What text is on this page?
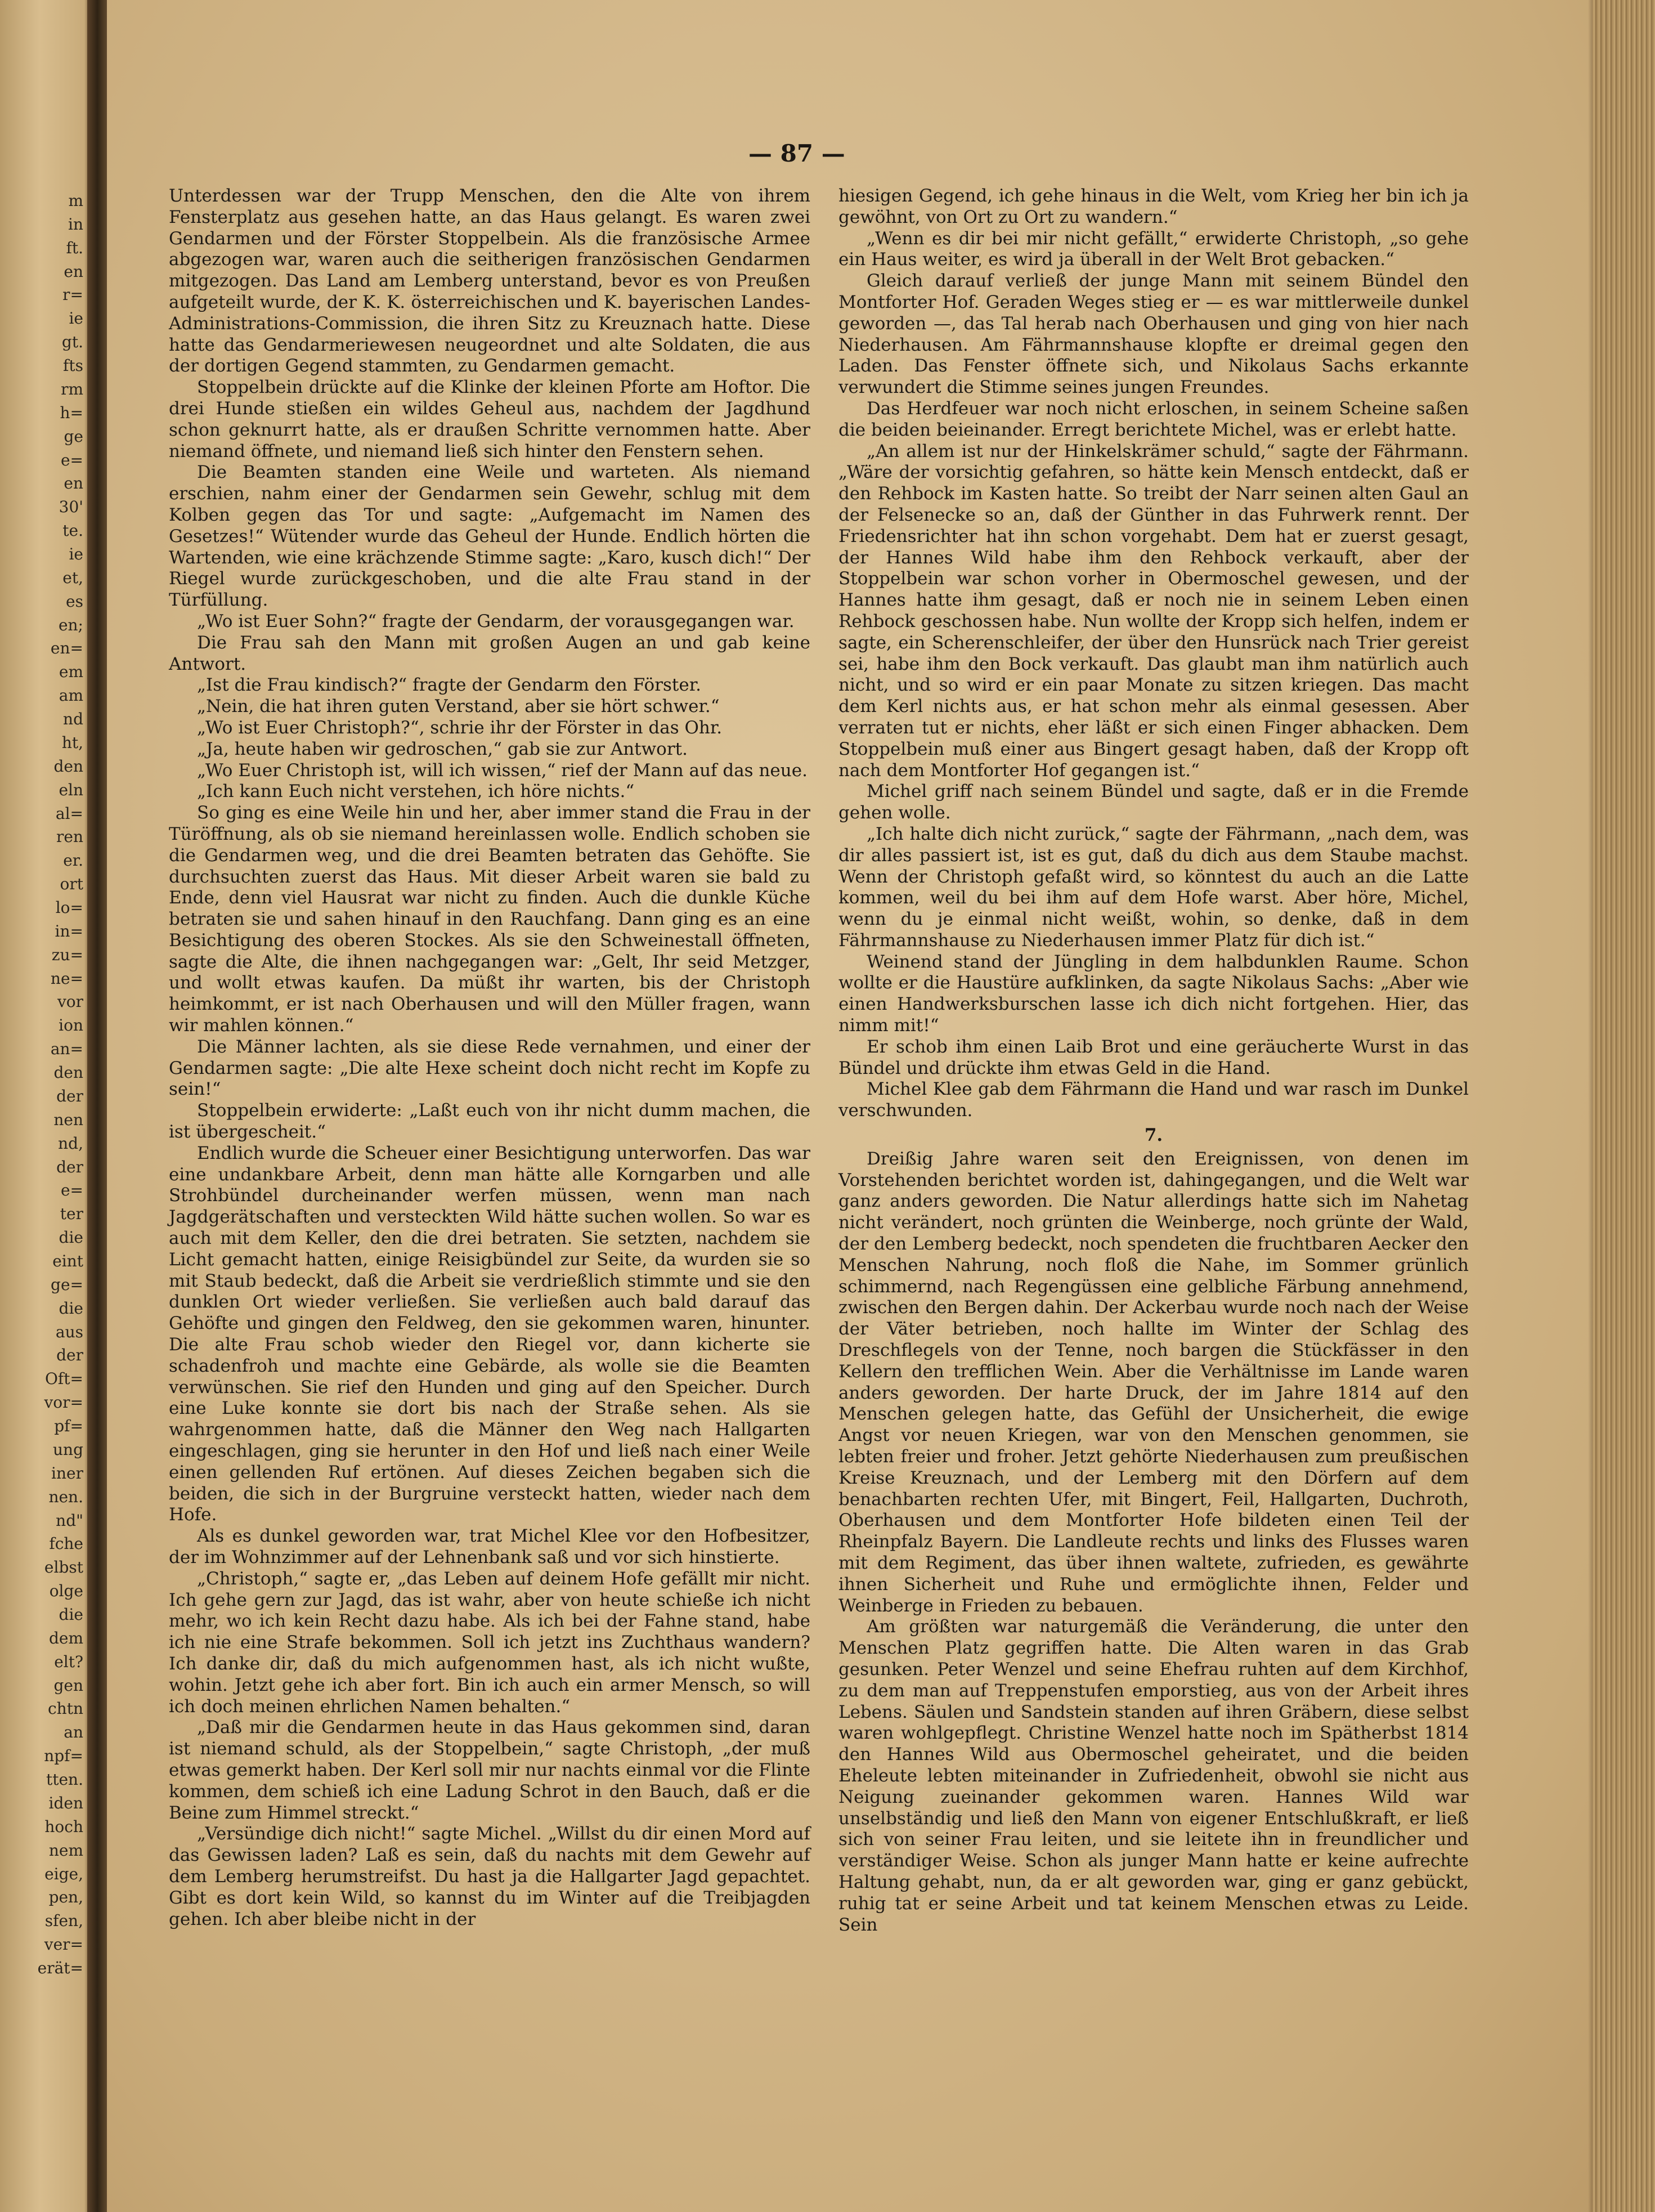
m
in
ft.
en
r=
ie
gt.
fts
rm
h=
ge
e=
en
30'
te.
ie
et,
es
en;
en=
em
am
nd
ht,
den
eln
al=
ren
er.
ort
lo=
in=
zu=
ne=
vor
ion
an=
den
der
nen
nd,
der
e=
ter
die
eint
ge=
die
aus
der
Oft=
vor=
pf=
ung
iner
nen.
nd"
fche
elbst
olge
die
dem
elt?
gen
chtn
an
npf=
tten.
iden
hoch
nem
eige,
pen,
sfen,
ver=
erät=
— 87 —

Unterdessen war der Trupp Menschen, den die Alte von ihrem Fensterplatz aus gesehen hatte, an das Haus gelangt. Es waren zwei Gendarmen und der Förster Stoppelbein. Als die französische Armee abgezogen war, waren auch die seitherigen französischen Gendarmen mitgezogen. Das Land am Lemberg unterstand, bevor es von Preußen aufgeteilt wurde, der K. K. österreichischen und K. bayerischen Landes-Administrations-Commission, die ihren Sitz zu Kreuznach hatte. Diese hatte das Gendarmeriewesen neugeordnet und alte Soldaten, die aus der dortigen Gegend stammten, zu Gendarmen gemacht.

Stoppelbein drückte auf die Klinke der kleinen Pforte am Hoftor. Die drei Hunde stießen ein wildes Geheul aus, nachdem der Jagdhund schon geknurrt hatte, als er draußen Schritte vernommen hatte. Aber niemand öffnete, und niemand ließ sich hinter den Fenstern sehen.

Die Beamten standen eine Weile und warteten. Als niemand erschien, nahm einer der Gendarmen sein Gewehr, schlug mit dem Kolben gegen das Tor und sagte: „Aufgemacht im Namen des Gesetzes!“ Wütender wurde das Geheul der Hunde. Endlich hörten die Wartenden, wie eine krächzende Stimme sagte: „Karo, kusch dich!“ Der Riegel wurde zurückgeschoben, und die alte Frau stand in der Türfüllung.

„Wo ist Euer Sohn?“ fragte der Gendarm, der vorausgegangen war.

Die Frau sah den Mann mit großen Augen an und gab keine Antwort.

„Ist die Frau kindisch?“ fragte der Gendarm den Förster.

„Nein, die hat ihren guten Verstand, aber sie hört schwer.“

„Wo ist Euer Christoph?“, schrie ihr der Förster in das Ohr.

„Ja, heute haben wir gedroschen,“ gab sie zur Antwort.

„Wo Euer Christoph ist, will ich wissen,“ rief der Mann auf das neue.

„Ich kann Euch nicht verstehen, ich höre nichts.“

So ging es eine Weile hin und her, aber immer stand die Frau in der Türöffnung, als ob sie niemand hereinlassen wolle. Endlich schoben sie die Gendarmen weg, und die drei Beamten betraten das Gehöfte. Sie durchsuchten zuerst das Haus. Mit dieser Arbeit waren sie bald zu Ende, denn viel Hausrat war nicht zu finden. Auch die dunkle Küche betraten sie und sahen hinauf in den Rauchfang. Dann ging es an eine Besichtigung des oberen Stockes. Als sie den Schweinestall öffneten, sagte die Alte, die ihnen nachgegangen war: „Gelt, Ihr seid Metzger, und wollt etwas kaufen. Da müßt ihr warten, bis der Christoph heimkommt, er ist nach Oberhausen und will den Müller fragen, wann wir mahlen können.“

Die Männer lachten, als sie diese Rede vernahmen, und einer der Gendarmen sagte: „Die alte Hexe scheint doch nicht recht im Kopfe zu sein!“

Stoppelbein erwiderte: „Laßt euch von ihr nicht dumm machen, die ist übergescheit.“

Endlich wurde die Scheuer einer Besichtigung unterworfen. Das war eine undankbare Arbeit, denn man hätte alle Korngarben und alle Strohbündel durcheinander werfen müssen, wenn man nach Jagdgerätschaften und versteckten Wild hätte suchen wollen. So war es auch mit dem Keller, den die drei betraten. Sie setzten, nachdem sie Licht gemacht hatten, einige Reisigbündel zur Seite, da wurden sie so mit Staub bedeckt, daß die Arbeit sie verdrießlich stimmte und sie den dunklen Ort wieder verließen. Sie verließen auch bald darauf das Gehöfte und gingen den Feldweg, den sie gekommen waren, hinunter. Die alte Frau schob wieder den Riegel vor, dann kicherte sie schadenfroh und machte eine Gebärde, als wolle sie die Beamten verwünschen. Sie rief den Hunden und ging auf den Speicher. Durch eine Luke konnte sie dort bis nach der Straße sehen. Als sie wahrgenommen hatte, daß die Männer den Weg nach Hallgarten eingeschlagen, ging sie herunter in den Hof und ließ nach einer Weile einen gellenden Ruf ertönen. Auf dieses Zeichen begaben sich die beiden, die sich in der Burgruine versteckt hatten, wieder nach dem Hofe.

Als es dunkel geworden war, trat Michel Klee vor den Hofbesitzer, der im Wohnzimmer auf der Lehnenbank saß und vor sich hinstierte.

„Christoph,“ sagte er, „das Leben auf deinem Hofe gefällt mir nicht. Ich gehe gern zur Jagd, das ist wahr, aber von heute schieße ich nicht mehr, wo ich kein Recht dazu habe. Als ich bei der Fahne stand, habe ich nie eine Strafe bekommen. Soll ich jetzt ins Zuchthaus wandern? Ich danke dir, daß du mich aufgenommen hast, als ich nicht wußte, wohin. Jetzt gehe ich aber fort. Bin ich auch ein armer Mensch, so will ich doch meinen ehrlichen Namen behalten.“

„Daß mir die Gendarmen heute in das Haus gekommen sind, daran ist niemand schuld, als der Stoppelbein,“ sagte Christoph, „der muß etwas gemerkt haben. Der Kerl soll mir nur nachts einmal vor die Flinte kommen, dem schieß ich eine Ladung Schrot in den Bauch, daß er die Beine zum Himmel streckt.“

„Versündige dich nicht!“ sagte Michel. „Willst du dir einen Mord auf das Gewissen laden? Laß es sein, daß du nachts mit dem Gewehr auf dem Lemberg herumstreifst. Du hast ja die Hallgarter Jagd gepachtet. Gibt es dort kein Wild, so kannst du im Winter auf die Treibjagden gehen. Ich aber bleibe nicht in der

hiesigen Gegend, ich gehe hinaus in die Welt, vom Krieg her bin ich ja gewöhnt, von Ort zu Ort zu wandern.“

„Wenn es dir bei mir nicht gefällt,“ erwiderte Christoph, „so gehe ein Haus weiter, es wird ja überall in der Welt Brot gebacken.“

Gleich darauf verließ der junge Mann mit seinem Bündel den Montforter Hof. Geraden Weges stieg er — es war mittlerweile dunkel geworden —, das Tal herab nach Oberhausen und ging von hier nach Niederhausen. Am Fährmannshause klopfte er dreimal gegen den Laden. Das Fenster öffnete sich, und Nikolaus Sachs erkannte verwundert die Stimme seines jungen Freundes.

Das Herdfeuer war noch nicht erloschen, in seinem Scheine saßen die beiden beieinander. Erregt berichtete Michel, was er erlebt hatte.

„An allem ist nur der Hinkelskrämer schuld,“ sagte der Fährmann. „Wäre der vorsichtig gefahren, so hätte kein Mensch entdeckt, daß er den Rehbock im Kasten hatte. So treibt der Narr seinen alten Gaul an der Felsenecke so an, daß der Günther in das Fuhrwerk rennt. Der Friedensrichter hat ihn schon vorgehabt. Dem hat er zuerst gesagt, der Hannes Wild habe ihm den Rehbock verkauft, aber der Stoppelbein war schon vorher in Obermoschel gewesen, und der Hannes hatte ihm gesagt, daß er noch nie in seinem Leben einen Rehbock geschossen habe. Nun wollte der Kropp sich helfen, indem er sagte, ein Scherenschleifer, der über den Hunsrück nach Trier gereist sei, habe ihm den Bock verkauft. Das glaubt man ihm natürlich auch nicht, und so wird er ein paar Monate zu sitzen kriegen. Das macht dem Kerl nichts aus, er hat schon mehr als einmal gesessen. Aber verraten tut er nichts, eher läßt er sich einen Finger abhacken. Dem Stoppelbein muß einer aus Bingert gesagt haben, daß der Kropp oft nach dem Montforter Hof gegangen ist.“

Michel griff nach seinem Bündel und sagte, daß er in die Fremde gehen wolle.

„Ich halte dich nicht zurück,“ sagte der Fährmann, „nach dem, was dir alles passiert ist, ist es gut, daß du dich aus dem Staube machst. Wenn der Christoph gefaßt wird, so könntest du auch an die Latte kommen, weil du bei ihm auf dem Hofe warst. Aber höre, Michel, wenn du je einmal nicht weißt, wohin, so denke, daß in dem Fährmannshause zu Niederhausen immer Platz für dich ist.“

Weinend stand der Jüngling in dem halbdunklen Raume. Schon wollte er die Haustüre aufklinken, da sagte Nikolaus Sachs: „Aber wie einen Handwerksburschen lasse ich dich nicht fortgehen. Hier, das nimm mit!“

Er schob ihm einen Laib Brot und eine geräucherte Wurst in das Bündel und drückte ihm etwas Geld in die Hand.

Michel Klee gab dem Fährmann die Hand und war rasch im Dunkel verschwunden.

7.

Dreißig Jahre waren seit den Ereignissen, von denen im Vorstehenden berichtet worden ist, dahingegangen, und die Welt war ganz anders geworden. Die Natur allerdings hatte sich im Nahetag nicht verändert, noch grünten die Weinberge, noch grünte der Wald, der den Lemberg bedeckt, noch spendeten die fruchtbaren Aecker den Menschen Nahrung, noch floß die Nahe, im Sommer grünlich schimmernd, nach Regengüssen eine gelbliche Färbung annehmend, zwischen den Bergen dahin. Der Ackerbau wurde noch nach der Weise der Väter betrieben, noch hallte im Winter der Schlag des Dreschflegels von der Tenne, noch bargen die Stückfässer in den Kellern den trefflichen Wein. Aber die Verhältnisse im Lande waren anders geworden. Der harte Druck, der im Jahre 1814 auf den Menschen gelegen hatte, das Gefühl der Unsicherheit, die ewige Angst vor neuen Kriegen, war von den Menschen genommen, sie lebten freier und froher. Jetzt gehörte Niederhausen zum preußischen Kreise Kreuznach, und der Lemberg mit den Dörfern auf dem benachbarten rechten Ufer, mit Bingert, Feil, Hallgarten, Duchroth, Oberhausen und dem Montforter Hofe bildeten einen Teil der Rheinpfalz Bayern. Die Landleute rechts und links des Flusses waren mit dem Regiment, das über ihnen waltete, zufrieden, es gewährte ihnen Sicherheit und Ruhe und ermöglichte ihnen, Felder und Weinberge in Frieden zu bebauen.

Am größten war naturgemäß die Veränderung, die unter den Menschen Platz gegriffen hatte. Die Alten waren in das Grab gesunken. Peter Wenzel und seine Ehefrau ruhten auf dem Kirchhof, zu dem man auf Treppenstufen emporstieg, aus von der Arbeit ihres Lebens. Säulen und Sandstein standen auf ihren Gräbern, diese selbst waren wohlgepflegt. Christine Wenzel hatte noch im Spätherbst 1814 den Hannes Wild aus Obermoschel geheiratet, und die beiden Eheleute lebten miteinander in Zufriedenheit, obwohl sie nicht aus Neigung zueinander gekommen waren. Hannes Wild war unselbständig und ließ den Mann von eigener Entschlußkraft, er ließ sich von seiner Frau leiten, und sie leitete ihn in freundlicher und verständiger Weise. Schon als junger Mann hatte er keine aufrechte Haltung gehabt, nun, da er alt geworden war, ging er ganz gebückt, ruhig tat er seine Arbeit und tat keinem Menschen etwas zu Leide. Sein
